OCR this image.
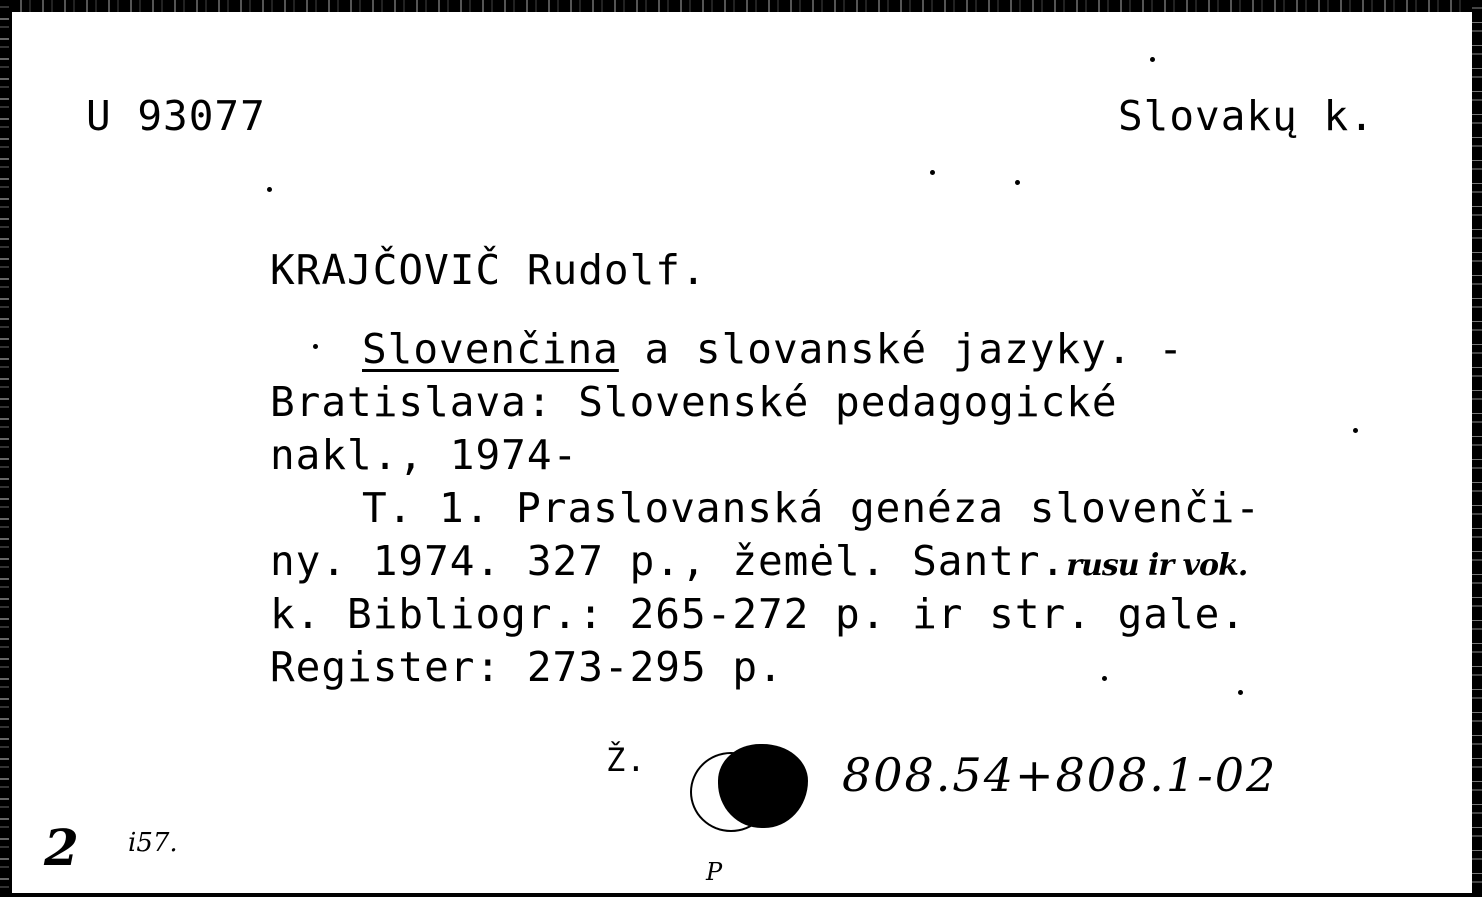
U 93077	Slovakų k.
KRAJČOVIČ Rudolf.
Slovenčina a slovanské jazyky. -
Bratislava: Slovenské pedagogické
nakl., 1974-
T. 1. Praslovanská genéza slovenči-
ny. 1974. 327 p., žemėl. Santr.rusu ir vok.
k. Bibliogr.: 265-272 p. ir str. gale.
Register: 273-295 p.
Ž.	808.54+808.1-02
2 i57.
P
